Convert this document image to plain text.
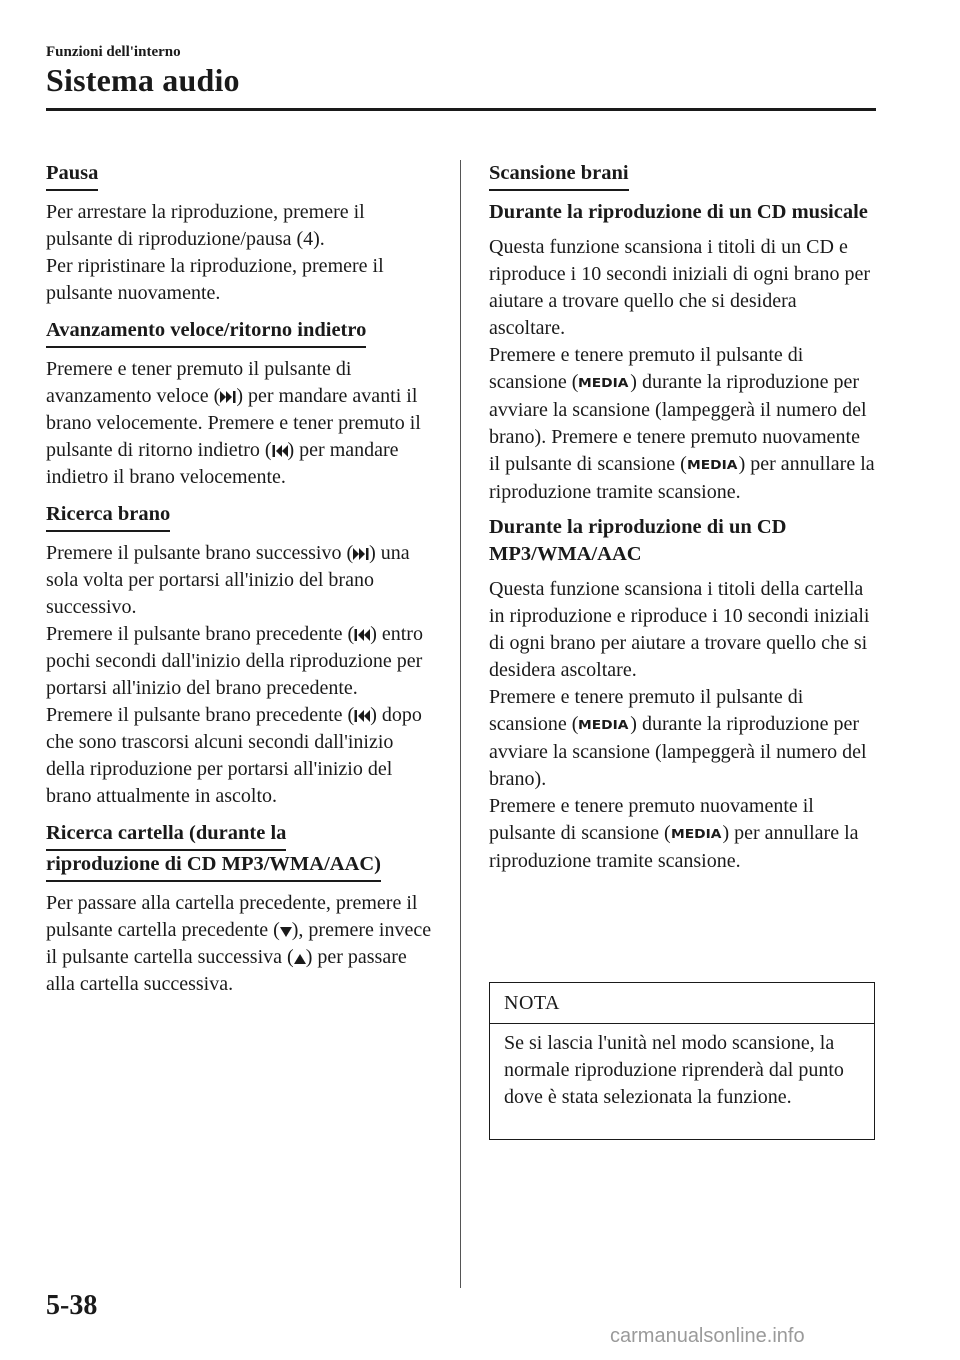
Funzioni dell'interno
Sistema audio
Pausa

Per arrestare la riproduzione, premere il pulsante di riproduzione/pausa (4).

Per ripristinare la riproduzione, premere il pulsante nuovamente.

Avanzamento veloce/ritorno indietro

Premere e tener premuto il pulsante di avanzamento veloce ( ) per mandare avanti il brano velocemente. Premere e tener premuto il pulsante di ritorno indietro ( ) per mandare indietro il brano velocemente.

Ricerca brano

Premere il pulsante brano successivo ( ) una sola volta per portarsi all'inizio del brano successivo.

Premere il pulsante brano precedente ( ) entro pochi secondi dall'inizio della riproduzione per portarsi all'inizio del brano precedente.

Premere il pulsante brano precedente ( ) dopo che sono trascorsi alcuni secondi dall'inizio della riproduzione per portarsi all'inizio del brano attualmente in ascolto.

Ricerca cartella (durante la
riproduzione di CD MP3/WMA/AAC)

Per passare alla cartella precedente, premere il pulsante cartella precedente ( ), premere invece il pulsante cartella successiva ( ) per passare alla cartella successiva.

Scansione brani
Durante la riproduzione di un CD musicale

Questa funzione scansiona i titoli di un CD e riproduce i 10 secondi iniziali di ogni brano per aiutare a trovare quello che si desidera ascoltare.

Premere e tenere premuto il pulsante di scansione (MEDIA) durante la riproduzione per avviare la scansione (lampeggerà il numero del brano). Premere e tenere premuto nuovamente il pulsante di scansione (MEDIA) per annullare la riproduzione tramite scansione.

Durante la riproduzione di un CD MP3/WMA/AAC

Questa funzione scansiona i titoli della cartella in riproduzione e riproduce i 10 secondi iniziali di ogni brano per aiutare a trovare quello che si desidera ascoltare.

Premere e tenere premuto il pulsante di scansione (MEDIA) durante la riproduzione per avviare la scansione (lampeggerà il numero del brano).

Premere e tenere premuto nuovamente il pulsante di scansione (MEDIA) per annullare la riproduzione tramite scansione.

NOTA
Se si lascia l'unità nel modo scansione, la normale riproduzione riprenderà dal punto dove è stata selezionata la funzione.
5-38
carmanualsonline.info
